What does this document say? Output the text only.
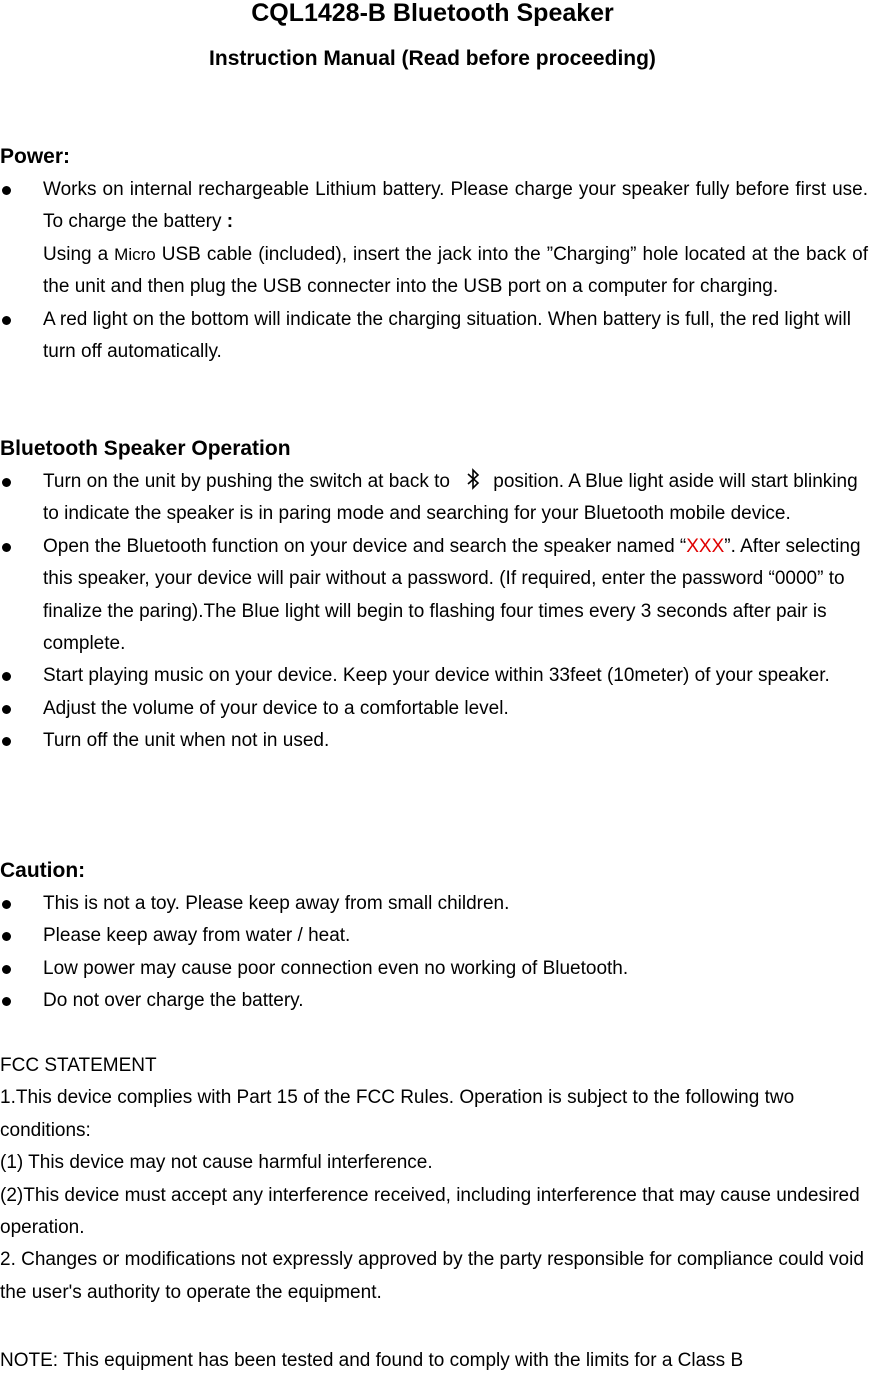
CQL1428-B Bluetooth Speaker
Instruction Manual (Read before proceeding)
Power:
Works on internal rechargeable Lithium battery. Please charge your speaker fully before first use. To charge the battery :
Using a Micro USB cable (included), insert the jack into the ”Charging” hole located at the back of the unit and then plug the USB connecter into the USB port on a computer for charging.
A red light on the bottom will indicate the charging situation. When battery is full, the red light will turn off automatically.
Bluetooth Speaker Operation
Turn on the unit by pushing the switch at back to position. A Blue light aside will start blinking to indicate the speaker is in paring mode and searching for your Bluetooth mobile device.
Open the Bluetooth function on your device and search the speaker named “XXX”. After selecting this speaker, your device will pair without a password. (If required, enter the password “0000” to finalize the paring).The Blue light will begin to flashing four times every 3 seconds after pair is complete.
Start playing music on your device. Keep your device within 33feet (10meter) of your speaker.
Adjust the volume of your device to a comfortable level.
Turn off the unit when not in used.
Caution:
This is not a toy. Please keep away from small children.
Please keep away from water / heat.
Low power may cause poor connection even no working of Bluetooth.
Do not over charge the battery.
FCC STATEMENT
1.This device complies with Part 15 of the FCC Rules. Operation is subject to the following two conditions:
(1) This device may not cause harmful interference.
(2)This device must accept any interference received, including interference that may cause undesired operation.
2. Changes or modifications not expressly approved by the party responsible for compliance could void the user's authority to operate the equipment.
NOTE: This equipment has been tested and found to comply with the limits for a Class B
